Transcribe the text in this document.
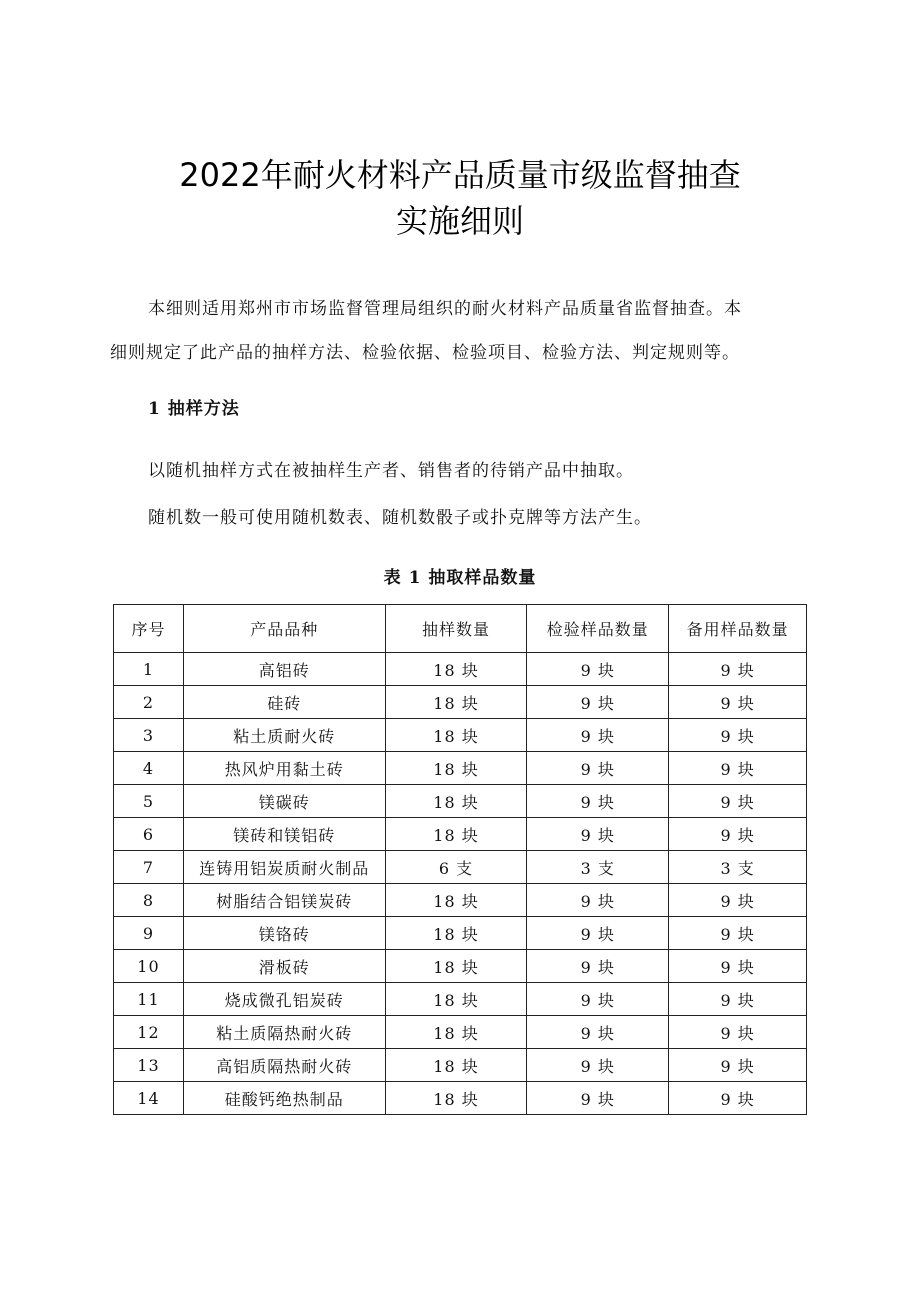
2022年耐火材料产品质量市级监督抽查
实施细则
本细则适用郑州市市场监督管理局组织的耐火材料产品质量省监督抽查。本
细则规定了此产品的抽样方法、检验依据、检验项目、检验方法、判定规则等。
1 抽样方法
以随机抽样方式在被抽样生产者、销售者的待销产品中抽取。
随机数一般可使用随机数表、随机数骰子或扑克牌等方法产生。
表 1 抽取样品数量
序号	产品品种	抽样数量	检验样品数量	备用样品数量
1	高铝砖	18 块	9 块	9 块
2	硅砖	18 块	9 块	9 块
3	粘土质耐火砖	18 块	9 块	9 块
4	热风炉用黏土砖	18 块	9 块	9 块
5	镁碳砖	18 块	9 块	9 块
6	镁砖和镁铝砖	18 块	9 块	9 块
7	连铸用铝炭质耐火制品	6 支	3 支	3 支
8	树脂结合铝镁炭砖	18 块	9 块	9 块
9	镁铬砖	18 块	9 块	9 块
10	滑板砖	18 块	9 块	9 块
11	烧成微孔铝炭砖	18 块	9 块	9 块
12	粘土质隔热耐火砖	18 块	9 块	9 块
13	高铝质隔热耐火砖	18 块	9 块	9 块
14	硅酸钙绝热制品	18 块	9 块	9 块
